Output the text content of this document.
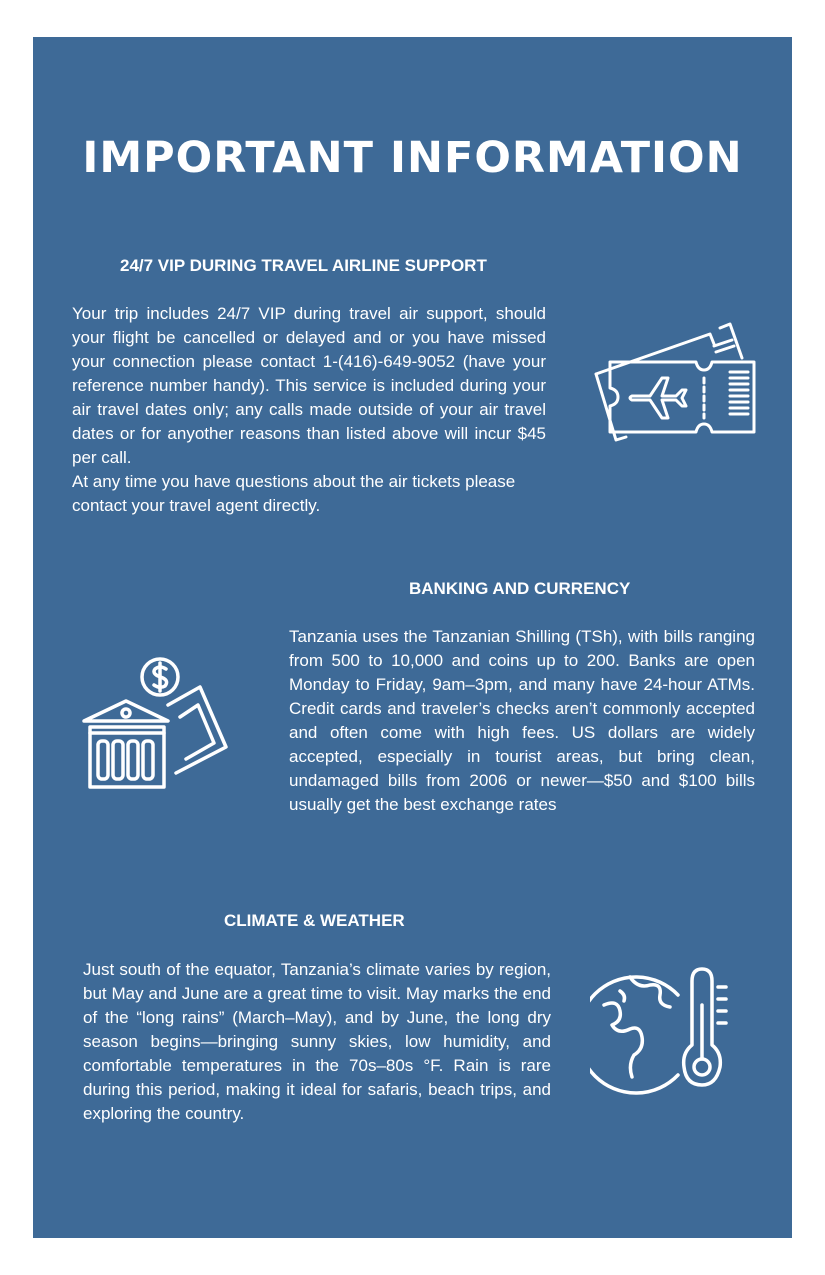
IMPORTANT INFORMATION
24/7 VIP DURING TRAVEL AIRLINE SUPPORT

Your trip includes 24/7 VIP during travel air support, should your flight be cancelled or delayed and or you have missed your connection please contact 1-(416)-649-9052 (have your reference number handy). This service is included during your air travel dates only; any calls made outside of your air travel dates or for anyother reasons than listed above will incur $45 per call.

At any time you have questions about the air tickets please contact your travel agent directly.

BANKING AND CURRENCY

Tanzania uses the Tanzanian Shilling (TSh), with bills ranging from 500 to 10,000 and coins up to 200. Banks are open Monday to Friday, 9am–3pm, and many have 24-hour ATMs. Credit cards and traveler’s checks aren’t commonly accepted and often come with high fees. US dollars are widely accepted, especially in tourist areas, but bring clean, undamaged bills from 2006 or newer—$50 and $100 bills usually get the best exchange rates

CLIMATE & WEATHER

Just south of the equator, Tanzania’s climate varies by region, but May and June are a great time to visit. May marks the end of the “long rains” (March–May), and by June, the long dry season begins—bringing sunny skies, low humidity, and comfortable temperatures in the 70s–80s °F. Rain is rare during this period, making it ideal for safaris, beach trips, and exploring the country.
